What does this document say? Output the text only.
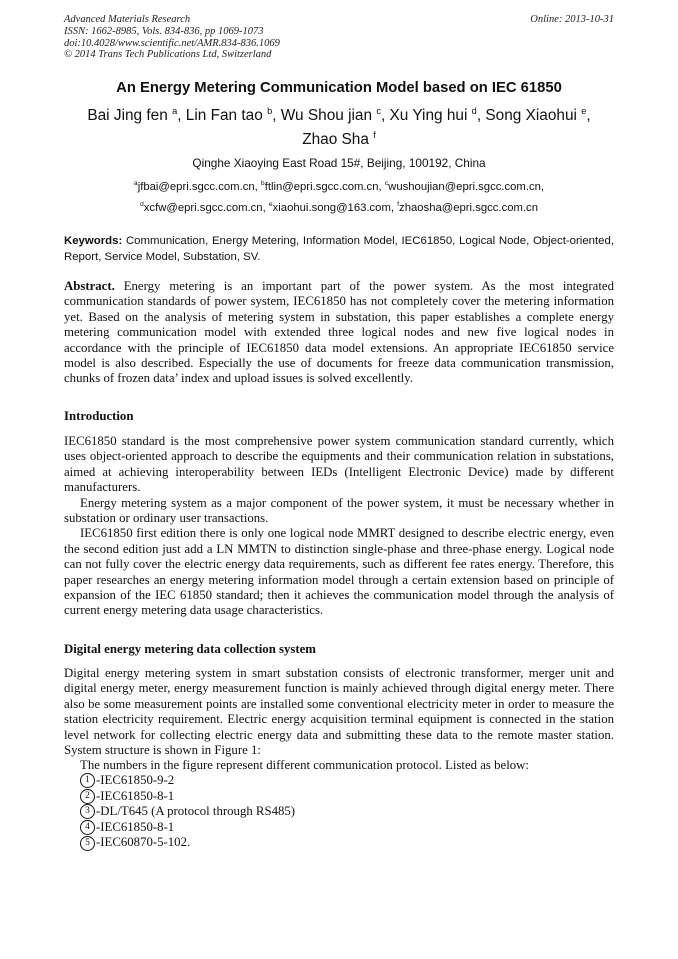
Advanced Materials Research
ISSN: 1662-8985, Vols. 834-836, pp 1069-1073
doi:10.4028/www.scientific.net/AMR.834-836.1069
© 2014 Trans Tech Publications Ltd, Switzerland
Online: 2013-10-31
An Energy Metering Communication Model based on IEC 61850
Bai Jing fen $^a$, Lin Fan tao $^b$, Wu Shou jian $^c$, Xu Ying hui $^d$, Song Xiaohui $^e$,
Zhao Sha $^f$
Qinghe Xiaoying East Road 15#, Beijing, 100192, China
$^a$jfbai@epri.sgcc.com.cn, $^b$ftlin@epri.sgcc.com.cn, $^c$wushoujian@epri.sgcc.com.cn,
$^d$xcfw@epri.sgcc.com.cn, $^e$xiaohui.song@163.com, $^f$zhaosha@epri.sgcc.com.cn
Keywords: Communication, Energy Metering, Information Model, IEC61850, Logical Node, Object-oriented, Report, Service Model, Substation, SV.

Abstract. Energy metering is an important part of the power system. As the most integrated communication standards of power system, IEC61850 has not completely cover the metering information yet. Based on the analysis of metering system in substation, this paper establishes a complete energy metering communication model with extended three logical nodes and new five logical nodes in accordance with the principle of IEC61850 data model extensions. An appropriate IEC61850 service model is also described. Especially the use of documents for freeze data communication transmission, chunks of frozen data’ index and upload issues is solved excellently.

Introduction

IEC61850 standard is the most comprehensive power system communication standard currently, which uses object-oriented approach to describe the equipments and their communication relation in substations, aimed at achieving interoperability between IEDs (Intelligent Electronic Device) made by different manufacturers.

Energy metering system as a major component of the power system, it must be necessary whether in substation or ordinary user transactions.

IEC61850 first edition there is only one logical node MMRT designed to describe electric energy, even the second edition just add a LN MMTN to distinction single-phase and three-phase energy. Logical node can not fully cover the electric energy data requirements, such as different fee rates energy. Therefore, this paper researches an energy metering information model through a certain extension based on principle of expansion of the IEC 61850 standard; then it achieves the communication model through the analysis of current energy metering data usage characteristics.

Digital energy metering data collection system

Digital energy metering system in smart substation consists of electronic transformer, merger unit and digital energy meter, energy measurement function is mainly achieved through digital energy meter. There also be some measurement points are installed some conventional electricity meter in order to measure the station electricity requirement. Electric energy acquisition terminal equipment is connected in the station level network for collecting electric energy data and submitting these data to the remote master station. System structure is shown in Figure 1:

The numbers in the figure represent different communication protocol. Listed as below:

1 -IEC61850-9-2
2 -IEC61850-8-1
3 -DL/T645 (A protocol through RS485)
4 -IEC61850-8-1
5 -IEC60870-5-102.
